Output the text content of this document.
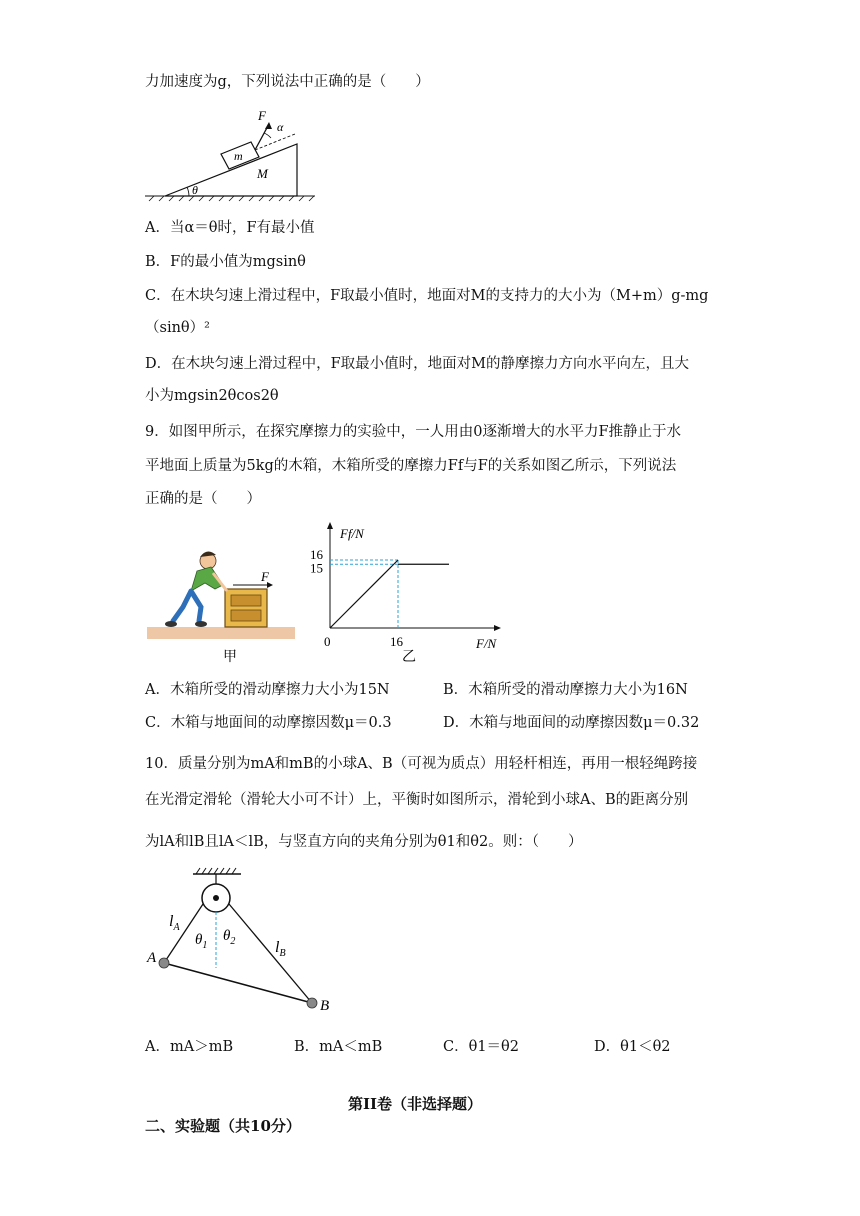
力加速度为g，下列说法中正确的是（　　）
θ
M
m
F
α
A．当α＝θ时，F有最小值
B．F的最小值为mgsinθ
C．在木块匀速上滑过程中，F取最小值时，地面对M的支持力的大小为（M+m）g-mg
（sinθ）²
D．在木块匀速上滑过程中，F取最小值时，地面对M的静摩擦力方向水平向左，且大
小为mgsin2θcos2θ
9．如图甲所示，在探究摩擦力的实验中，一人用由0逐渐增大的水平力F推静止于水
平地面上质量为5kg的木箱，木箱所受的摩擦力Ff与F的关系如图乙所示，下列说法
正确的是（　　）
F
甲
Ff/N
F/N
0
15
16
16
乙
A．木箱所受的滑动摩擦力大小为15N	B．木箱所受的滑动摩擦力大小为16N
C．木箱与地面间的动摩擦因数μ＝0.3	D．木箱与地面间的动摩擦因数μ＝0.32
10．质量分别为mA和mB的小球A、B（可视为质点）用轻杆相连，再用一根轻绳跨接
在光滑定滑轮（滑轮大小可不计）上，平衡时如图所示，滑轮到小球A、B的距离分别
为lA和lB且lA＜lB，与竖直方向的夹角分别为θ1和θ2。则：（　　）
$l_A$
$l_B$
$\theta_1$
$\theta_2$
A
B
A．mA＞mB	B．mA＜mB	C．θ1＝θ2	D．θ1＜θ2
第II卷（非选择题）
二、实验题（共10分）
